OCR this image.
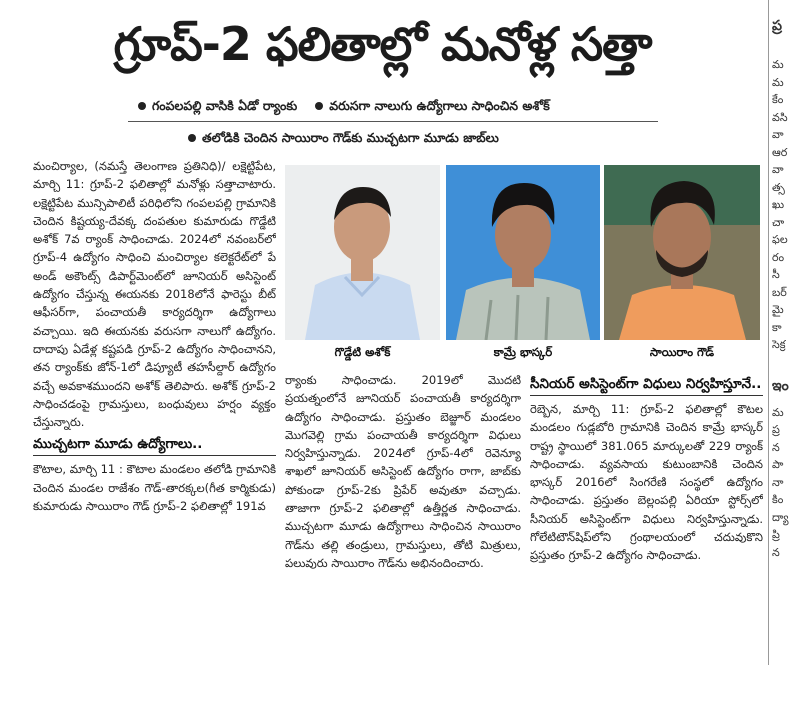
గ్రూప్-2 ఫలితాల్లో మనోళ్ల సత్తా
గంపలపల్లి వాసికి ఏడో ర్యాంకు	వరుసగా నాలుగు ఉద్యోగాలు సాధించిన అశోక్
తలోడికి చెందిన సాయిరాం గౌడ్‌కు ముచ్చటగా మూడు జాబ్‌లు

మంచిర్యాల, (నమస్తే తెలంగాణ ప్రతినిధి)/ లక్షెట్టిపేట, మార్చి 11: గ్రూప్-2 ఫలితాల్లో మనోళ్లు సత్తాచాటారు. లక్షెట్టిపేట మున్సిపాలిటీ పరిధిలోని గంపలపల్లి గ్రామానికి చెందిన కిష్టయ్య-దేవక్క దంపతుల కుమారుడు గొడ్డేటి అశోక్ 7వ ర్యాంక్ సాధించాడు. 2024లో నవంబర్‌లో గ్రూప్-4 ఉద్యోగం సాధించి మంచిర్యాల కలెక్టరేట్‌లో పే అండ్ అకౌంట్స్ డిపార్ట్‌మెంట్‌లో జూనియర్ అసిస్టెంట్ ఉద్యోగం చేస్తున్న ఈయనకు 2018లోనే ఫారెస్టు బీట్ ఆఫీసర్‌గా, పంచాయతీ కార్యదర్శిగా ఉద్యోగాలు వచ్చాయి. ఇది ఈయనకు వరుసగా నాలుగో ఉద్యోగం. దాదాపు ఏడేళ్ల కష్టపడి గ్రూప్-2 ఉద్యోగం సాధించానని, తన ర్యాంక్‌కు జోన్-1లో డిప్యూటీ తహసీల్దార్ ఉద్యోగం వచ్చే అవకాశముందని అశోక్ తెలిపారు. అశోక్ గ్రూప్-2 సాధించడంపై గ్రామస్తులు, బంధువులు హర్షం వ్యక్తం చేస్తున్నారు.

ముచ్చటగా మూడు ఉద్యోగాలు..

కౌటాల, మార్చి 11 : కౌటాల మండలం తలోడి గ్రామానికి చెందిన మండల రాజేశం గౌడ్-తారక్కల(గీత కార్మికుడు) కుమారుడు సాయిరాం గౌడ్ గ్రూప్-2 ఫలితాల్లో 191వ

గొడ్డేటి అశోక్	కామ్రే భాస్కర్	సాయిరాం గౌడ్

ర్యాంకు సాధించాడు. 2019లో మొదటి ప్రయత్నంలోనే జూనియర్ పంచాయతీ కార్యదర్శిగా ఉద్యోగం సాధించాడు. ప్రస్తుతం బెజ్జూర్ మండలం మొగవెల్లి గ్రామ పంచాయతీ కార్యదర్శిగా విధులు నిర్వహిస్తున్నాడు. 2024లో గ్రూప్-4లో రెవెన్యూ శాఖలో జూనియర్ అసిస్టెంట్ ఉద్యోగం రాగా, జాబ్‌కు పోకుండా గ్రూప్-2కు ప్రిపేర్ అవుతూ వచ్చాడు. తాజాగా గ్రూప్-2 ఫలితాల్లో ఉత్తీర్ణత సాధించాడు. ముచ్చటగా మూడు ఉద్యోగాలు సాధించిన సాయిరాం గౌడ్‌ను తల్లి తండ్రులు, గ్రామస్తులు, తోటి మిత్రులు, పలువురు సాయిరాం గౌడ్‌ను అభినందించారు.

సీనియర్ అసిస్టెంట్‌గా విధులు నిర్వహిస్తూనే..

రెబ్బెన, మార్చి 11: గ్రూప్-2 ఫలితాల్లో కౌటల మండలం గుడ్లబోరి గ్రామానికి చెందిన కామ్రే భాస్కర్ రాష్ట్ర స్థాయిలో 381.065 మార్కులతో 229 ర్యాంక్ సాధించాడు. వ్యవసాయ కుటుంబానికి చెందిన భాస్కర్ 2016లో సింగరేణి సంస్థలో ఉద్యోగం సాధించాడు. ప్రస్తుతం బెల్లంపల్లి ఏరియా స్టోర్స్‌లో సీనియర్ అసిస్టెంట్‌గా విధులు నిర్వహిస్తున్నాడు. గోలేటిటౌన్‌షిప్‌లోని గ్రంథాలయంలో చదువుకొని ప్రస్తుతం గ్రూప్-2 ఉద్యోగం సాధించాడు.

ప్ర
మ
మ
కేం
వసి
వా
ఆర
వా
త్స
ఖు
చా
ఫల
రం
సీ
బర్
మై
కా
సెక్ర
ఇం
మ
ప్ర
న
పా
నా
కిం
ద్యా
ప్రి
న
